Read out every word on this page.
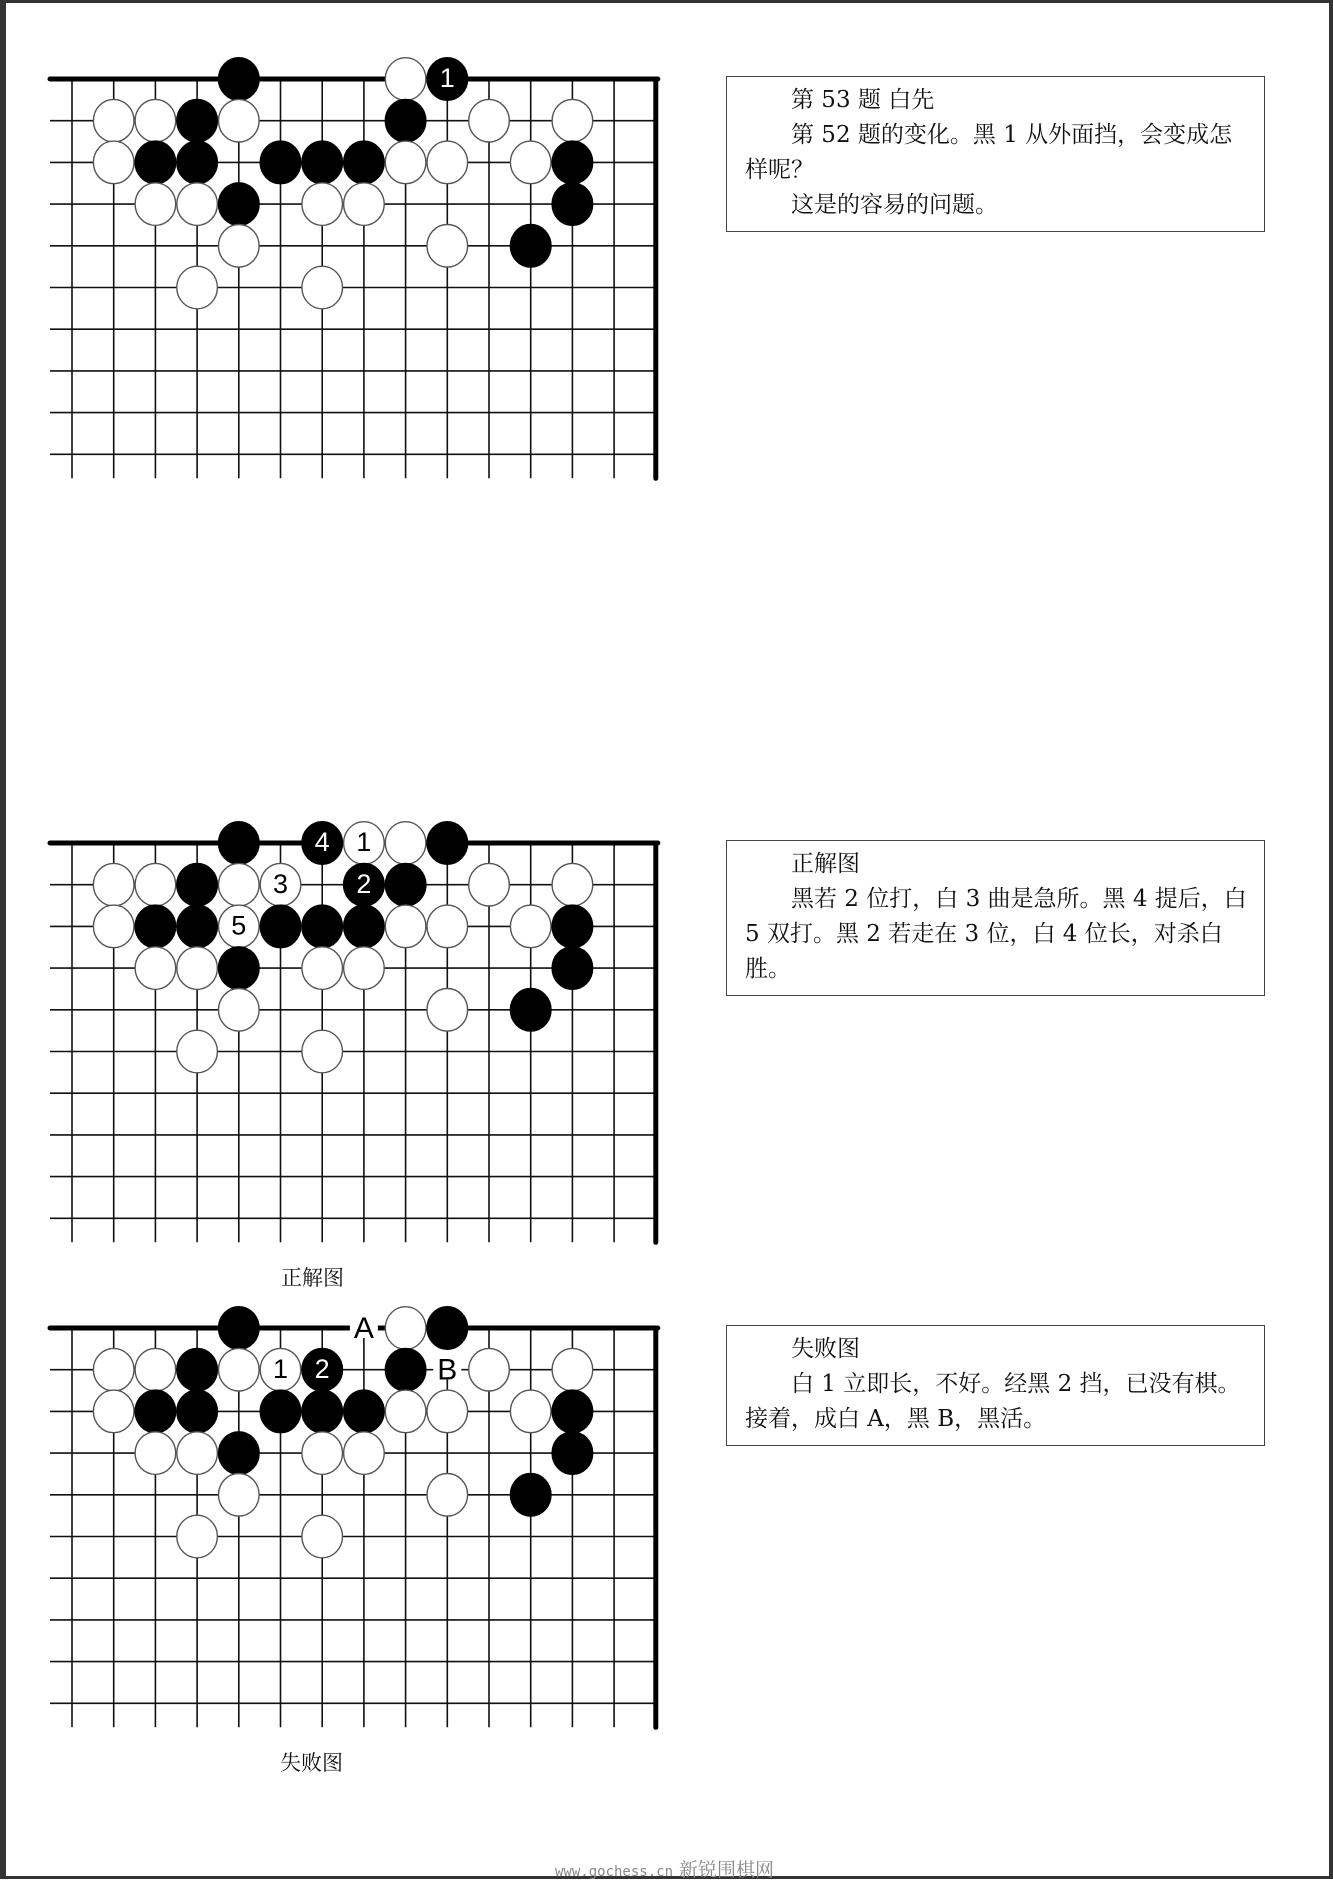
1

第 53 题 白先

第 52 题的变化。黑 1 从外面挡，会变成怎样呢？

这是的容易的问题。

4 1
3	2
5
正解图

正解图

黑若 2 位打，白 3 曲是急所。黑 4 提后，白 5 双打。黑 2 若走在 3 位，白 4 位长，对杀白胜。

A
B
1 2
失败图

失败图

白 1 立即长，不好。经黑 2 挡，已没有棋。接着，成白 A，黑 B，黑活。

www.gochess.cn 新锐围棋网
